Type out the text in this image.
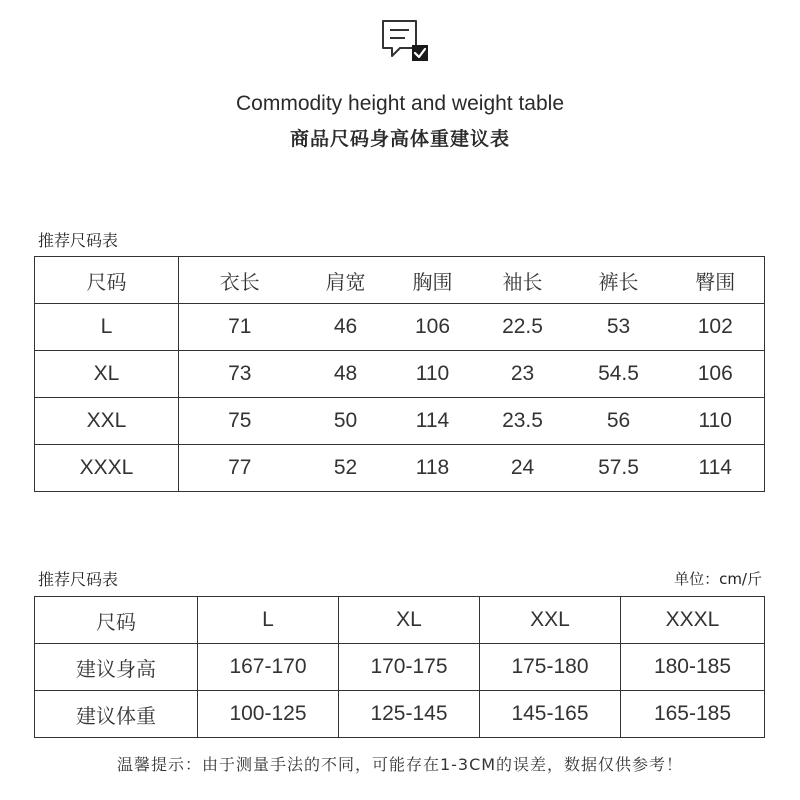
Commodity height and weight table
商品尺码身高体重建议表
推荐尺码表
尺码	衣长	肩宽	胸围	袖长	裤长	臀围
L	71	46	106	22.5	53	102
XL	73	48	110	23	54.5	106
XXL	75	50	114	23.5	56	110
XXXL	77	52	118	24	57.5	114
推荐尺码表	单位：cm/斤
尺码	L	XL	XXL	XXXL
建议身高	167-170	170-175	175-180	180-185
建议体重	100-125	125-145	145-165	165-185
温馨提示：由于测量手法的不同，可能存在1-3CM的误差，数据仅供参考！
